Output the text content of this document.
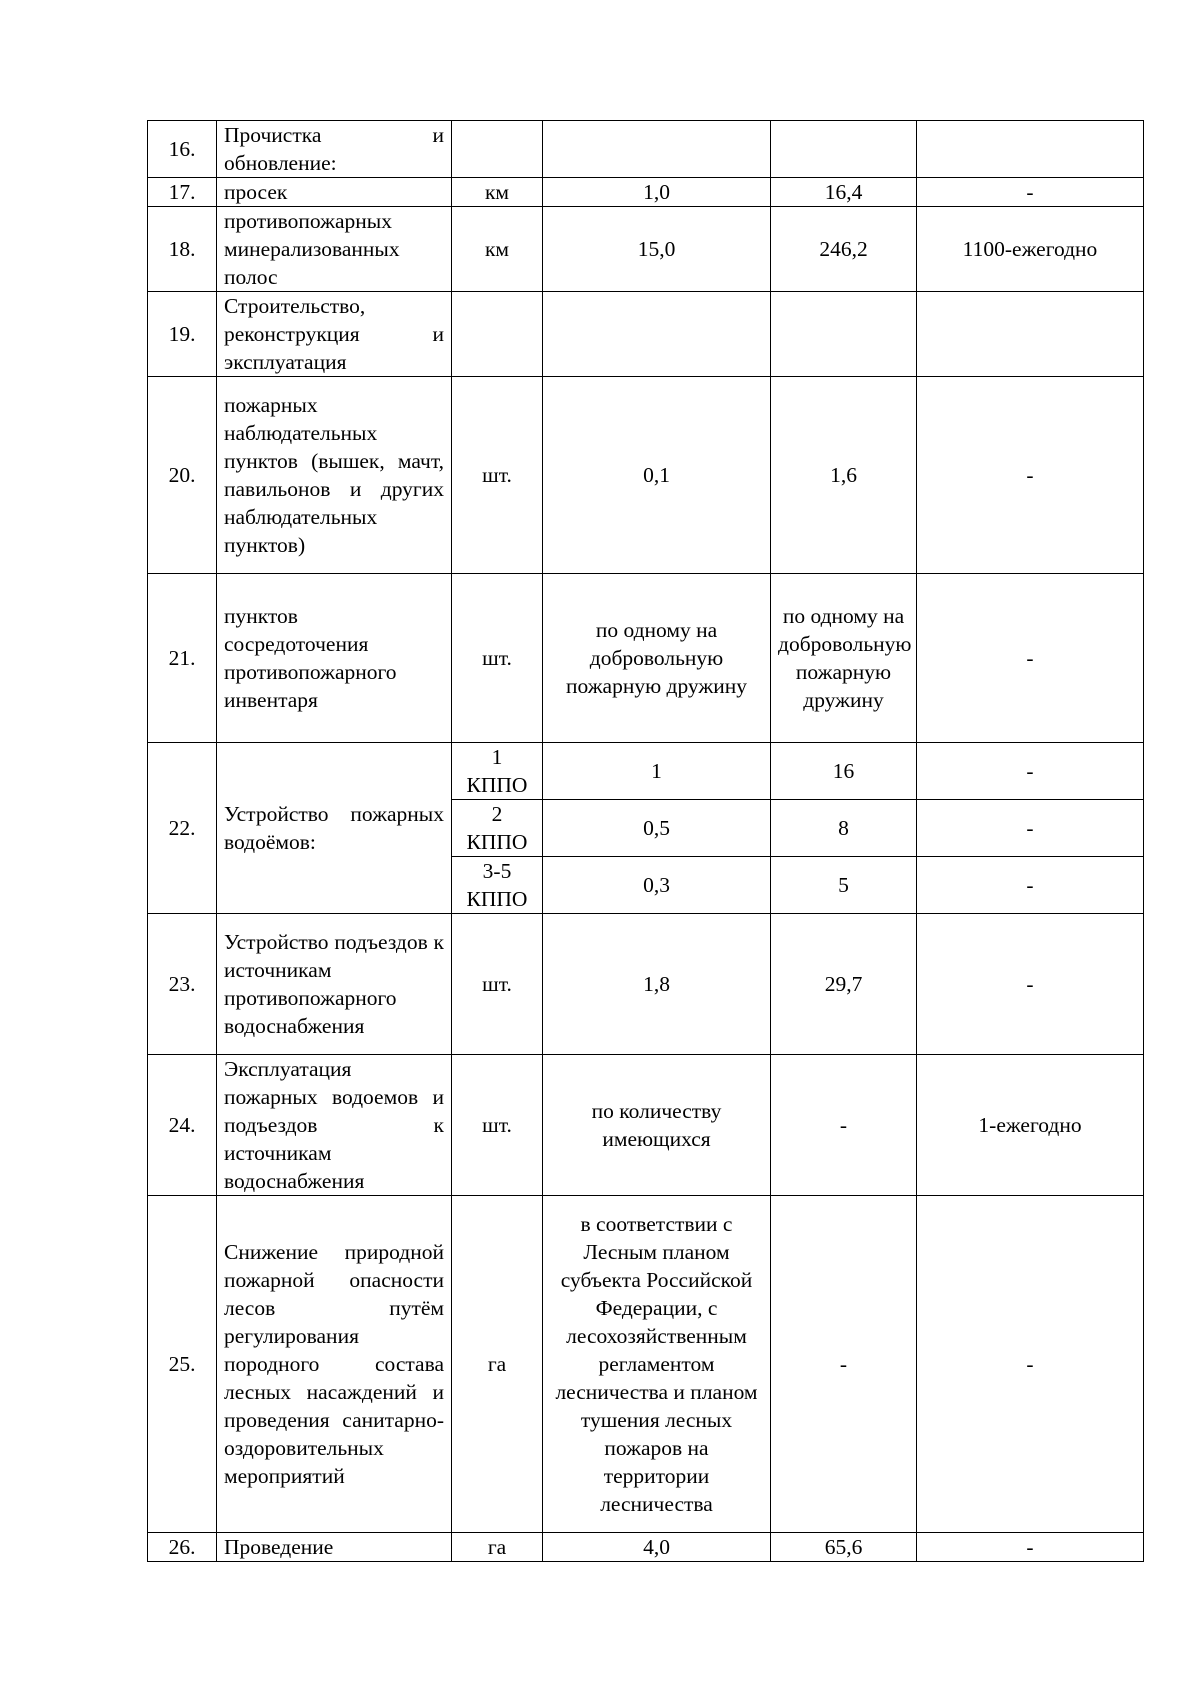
16.	Прочистка и обновление:				
17.	просек	км	1,0	16,4	-
18.	противопожарных минерализованных полос	км	15,0	246,2	1100-ежегодно
19.	Строительство, реконструкция и эксплуатация				
20.	пожарных наблюдательных пунктов (вышек, мачт, павильонов и других наблюдательных пунктов)	шт.	0,1	1,6	-
21.	пунктов сосредоточения противопожарного инвентаря	шт.	по одному на добровольную пожарную дружину	по одному на добровольную пожарную дружину	-
22.	Устройство пожарных водоёмов:	1 КППО	1	16	-
		2 КППО	0,5	8	-
		3-5 КППО	0,3	5	-
23.	Устройство подъездов к источникам противопожарного водоснабжения	шт.	1,8	29,7	-
24.	Эксплуатация пожарных водоемов и подъездов к источникам водоснабжения	шт.	по количеству имеющихся	-	1-ежегодно
25.	Снижение природной пожарной опасности лесов путём регулирования породного состава лесных насаждений и проведения санитарно-оздоровительных мероприятий	га	в соответствии с Лесным планом субъекта Российской Федерации, с лесохозяйственным регламентом лесничества и планом тушения лесных пожаров на территории лесничества	-	-
26.	Проведение	га	4,0	65,6	-
